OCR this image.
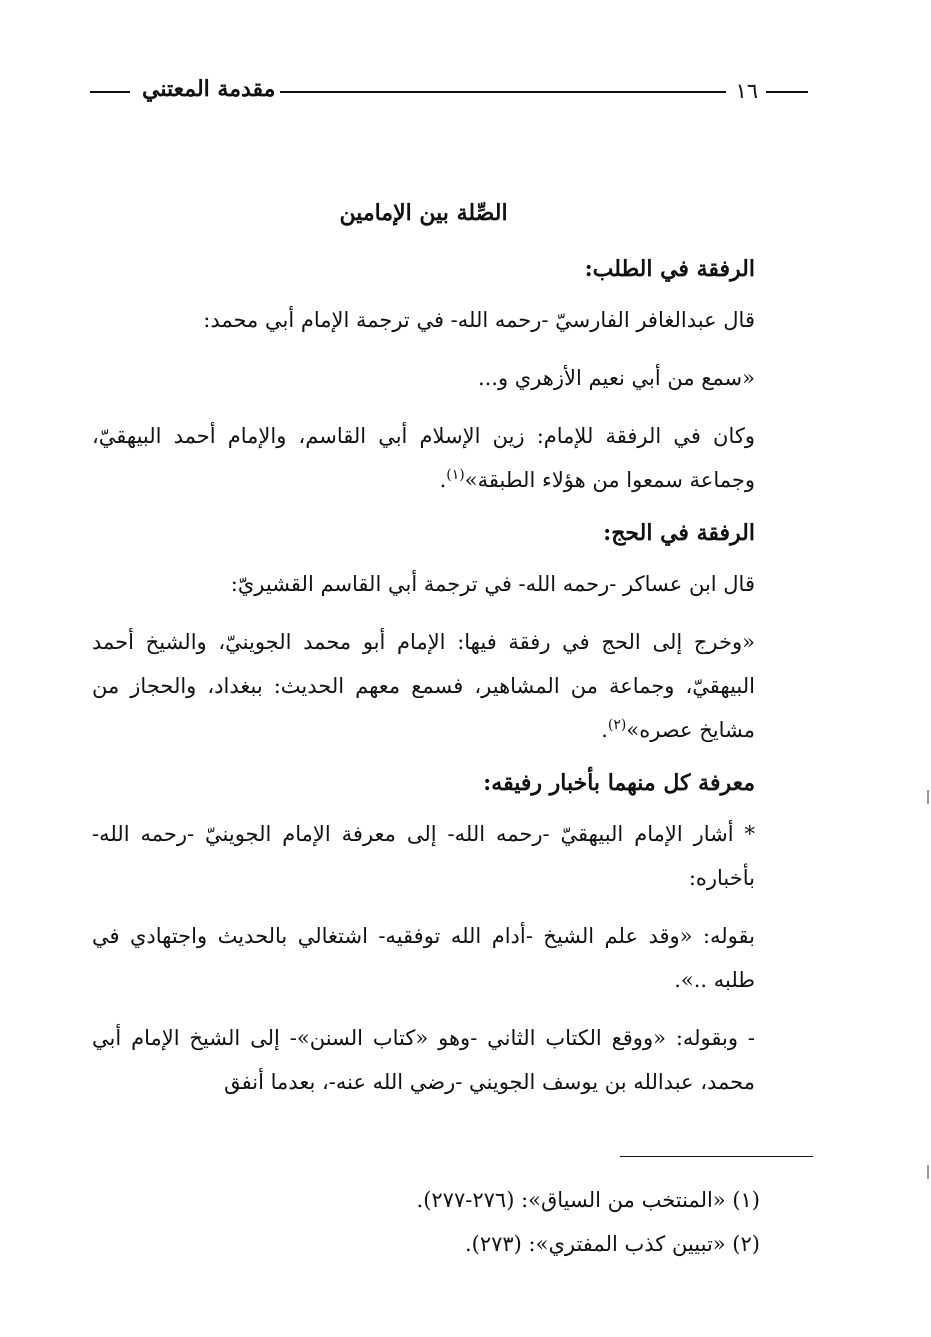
١٦
مقدمة المعتني
الصِّلة بين الإمامين
الرفقة في الطلب:

قال عبدالغافر الفارسيّ -رحمه الله- في ترجمة الإمام أبي محمد:

«سمع من أبي نعيم الأزهري و...

وكان في الرفقة للإمام: زين الإسلام أبي القاسم، والإمام أحمد البيهقيّ، وجماعة سمعوا من هؤلاء الطبقة»$^{(١)}$.

الرفقة في الحج:

قال ابن عساكر -رحمه الله- في ترجمة أبي القاسم القشيريّ:

«وخرج إلى الحج في رفقة فيها: الإمام أبو محمد الجوينيّ، والشيخ أحمد البيهقيّ، وجماعة من المشاهير، فسمع معهم الحديث: ببغداد، والحجاز من مشايخ عصره»$^{(٢)}$.

معرفة كل منهما بأخبار رفيقه:

* أشار الإمام البيهقيّ -رحمه الله- إلى معرفة الإمام الجوينيّ -رحمه الله- بأخباره:

بقوله: «وقد علم الشيخ -أدام الله توفقيه- اشتغالي بالحديث واجتهادي في طلبه ..».

- وبقوله: «ووقع الكتاب الثاني -وهو «كتاب السنن»- إلى الشيخ الإمام أبي محمد، عبدالله بن يوسف الجويني -رضي الله عنه-، بعدما أنفق

(١) «المنتخب من السياق»: (٢٧٦-٢٧٧).

(٢) «تبيين كذب المفتري»: (٢٧٣).
